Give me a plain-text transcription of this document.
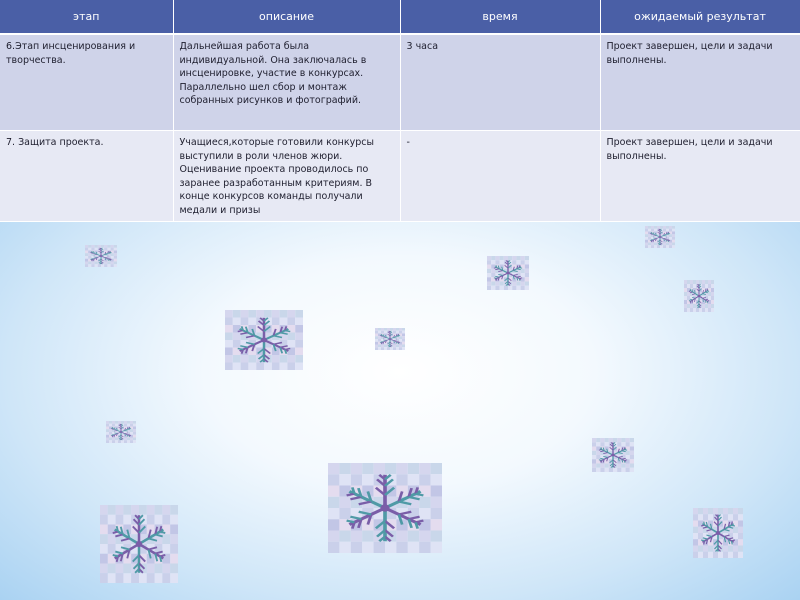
этап	описание	время	ожидаемый результат
6.Этап инсценирования и творчества.	Дальнейшая работа была индивидуальной. Она заключалась в инсценировке, участие в конкурсах. Параллельно шел сбор и монтаж собранных рисунков и фотографий.	3 часа	Проект завершен, цели и задачи выполнены.
7. Защита проекта.	Учащиеся,которые готовили конкурсы выступили в роли членов жюри. Оценивание проекта проводилось по заранее разработанным критериям. В конце конкурсов команды получали медали и призы	-	Проект завершен, цели и задачи выполнены.
